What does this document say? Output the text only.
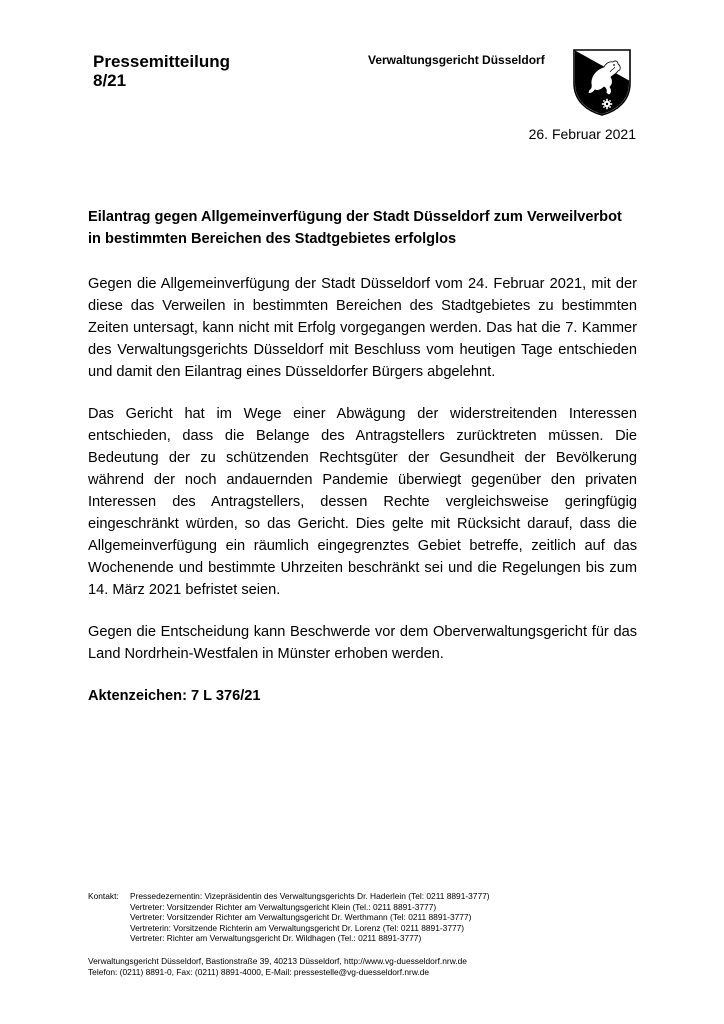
Pressemitteilung
8/21
Verwaltungsgericht Düsseldorf
26. Februar 2021

Eilantrag gegen Allgemeinverfügung der Stadt Düsseldorf zum Verweilverbot in bestimmten Bereichen des Stadtgebietes erfolglos

Gegen die Allgemeinverfügung der Stadt Düsseldorf vom 24. Februar 2021, mit der diese das Verweilen in bestimmten Bereichen des Stadtgebietes zu bestimmten Zeiten untersagt, kann nicht mit Erfolg vorgegangen werden. Das hat die 7. Kammer des Verwaltungsgerichts Düsseldorf mit Beschluss vom heutigen Tage entschieden und damit den Eilantrag eines Düsseldorfer Bürgers abgelehnt.

Das Gericht hat im Wege einer Abwägung der widerstreitenden Interessen entschieden, dass die Belange des Antragstellers zurücktreten müssen. Die Bedeutung der zu schützenden Rechtsgüter der Gesundheit der Bevölkerung während der noch andauernden Pandemie überwiegt gegenüber den privaten Interessen des Antragstellers, dessen Rechte vergleichsweise geringfügig eingeschränkt würden, so das Gericht. Dies gelte mit Rücksicht darauf, dass die Allgemeinverfügung ein räumlich eingegrenztes Gebiet betreffe, zeitlich auf das Wochenende und bestimmte Uhrzeiten beschränkt sei und die Regelungen bis zum 14. März 2021 befristet seien.

Gegen die Entscheidung kann Beschwerde vor dem Oberverwaltungsgericht für das Land Nordrhein-Westfalen in Münster erhoben werden.

Aktenzeichen: 7 L 376/21

Kontakt:	Pressedezernentin: Vizepräsidentin des Verwaltungsgerichts Dr. Haderlein (Tel: 0211 8891-3777)
Vertreter: Vorsitzender Richter am Verwaltungsgericht Klein (Tel.: 0211 8891-3777)
Vertreter: Vorsitzender Richter am Verwaltungsgericht Dr. Werthmann (Tel: 0211 8891-3777)
Vertreterin: Vorsitzende Richterin am Verwaltungsgericht Dr. Lorenz (Tel: 0211 8891-3777)
Vertreter: Richter am Verwaltungsgericht Dr. Wildhagen (Tel.: 0211 8891-3777)
Verwaltungsgericht Düsseldorf, Bastionstraße 39, 40213 Düsseldorf, http://www.vg-duesseldorf.nrw.de
Telefon: (0211) 8891-0, Fax: (0211) 8891-4000, E-Mail: pressestelle@vg-duesseldorf.nrw.de
